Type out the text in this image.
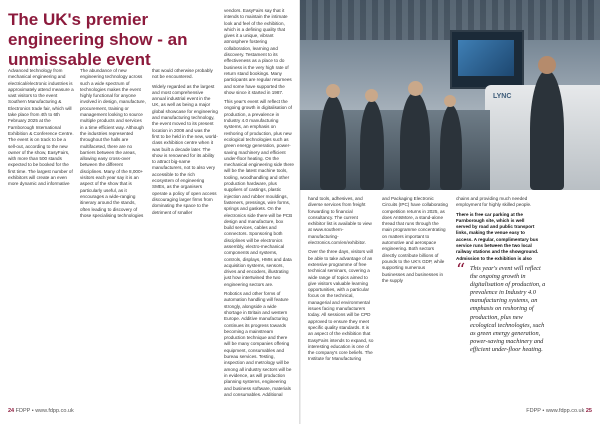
The UK's premier engineering show - an unmissable event

Advanced technology from mechanical engineering and electrical/electronic industries is approximately attend measure a vast visitors to the event Southern Manufacturing & Electronics trade fair, which will take place from 4th to 6th February 2025 at the Farnborough International Exhibition & Conference Centre. The event is on track to be a sell-out, according to the new owner of the show, EasyFairs, with more than 500 stands expected to be booked for the first time. The largest number of exhibitors will create an even more dynamic and informative

The abundance of new engineering technology across such a wide spectrum of technologies makes the event highly functional for anyone involved in design, manufacture, procurement, training or management looking to source multiple products and services in a time efficient way. Although the industries represented throughout the halls are multifaceted, there are no barriers between the areas, allowing easy cross-over between the different disciplines. Many of the 8,000+ visitors each year say it is an aspect of the show that is particularly useful, as it encourages a wide-ranging itinerary around the stands, often leading to discovery of those specialising technologies

that would otherwise probably not be encountered.

Widely regarded as the largest and most comprehensive annual industrial event in the UK, as well as being a major global showcase for engineering and manufacturing technology, the event moved to its present location in 2008 and was the first to be held in the new, world-class exhibition centre when it was built a decade later. The show is renowned for its ability to attract big-name manufacturers, not to also very accessible to the rich ecosystem of engineering SMEs, as the organisers operate a policy of open access discouraging larger firms from dominating the space to the detriment of smaller

vendors. EasyFairs say that it intends to maintain the intimate look and feel of the exhibition, which is a defining quality that gives it a unique, vibrant atmosphere fostering collaboration, learning and discovery. Testament to its effectiveness as a place to do business is the very high rate of return stand bookings. Many participants are regular returnees and some have supported the show since it started in 1987.

This year's event will reflect the ongoing growth in digitalisation of production, a prevalence in Industry 4.0 manufacturing systems, an emphasis on reshoring of production, plus new ecological technologies such as green energy generation, power-saving machinery and efficient under-floor heating. On the mechanical engineering side there will be the latest machine tools, tooling, woodhandling and other production hardware, plus suppliers of castings, plastic injection and rubber mouldings, fasteners, pressings, wire forms, springs and gaskets. On the electronics side there will be PCB design and manufacture, box build services, cables and connectors. Sponsoring both disciplines will be electronics assembly, electro-mechanical components and systems, controls, displays, HMIs and data acquisition systems, sensors, drives and encoders, illustrating just how intertwined the two engineering sectors are.

Robotics and other forms of automation handling will feature strongly, alongside a wide shortage in Britain and western Europe. Additive manufacturing continues its progress towards becoming a mainstream production technique and there will be many companies offering equipment, consumables and bureau services. Testing, inspection and metrology will be among all industry sectors will be in evidence, as will production planning systems, engineering and business software, materials and consumables. Additional

24 FDPP • www.fdpp.co.uk
LYNC

hand tools, adhesives, and diverse services from freight forwarding to financial consultancy. The current exhibitor list is available to view at www.southern-manufacturing-electronics.com/en/exhibitor.

Over the three days, visitors will be able to take advantage of an extensive programme of free technical seminars, covering a wide range of topics aimed to give visitors valuable learning opportunities, with a particular focus on the technical, managerial and environmental issues facing manufacturers today. All sessions will be CPD approved to ensure they meet specific quality standards. It is an aspect of the exhibition that EasyFairs intends to expand, so interesting education is one of the company's core beliefs. The Institute for Manufacturing

and Packaging Electronic Circuits (IPC) have collaborating competition returns in 2025, as does AntsMore, a stand-alone thread that runs through the main programme concentrating on matters important to automotive and aerospace engineering. Both sectors directly contribute billions of pounds to the UK's GDP, while supporting numerous businesses and businesses in the supply

chains and providing much needed employment for highly skilled people.

There is free car parking at the Farnborough site, which is well served by road and public transport links, making the venue easy to access. A regular, complimentary bus service runs between the two local railway stations and the showground. Admission to the exhibition is also

“ This year's event will reflect the ongoing growth in digitalisation of production, a prevalence in Industry 4.0 manufacturing systems, an emphasis on reshoring of production, plus new ecological technologies, such as green energy generation, power-saving machinery and efficient under-floor heating.

FDPP • www.fdpp.co.uk 25
